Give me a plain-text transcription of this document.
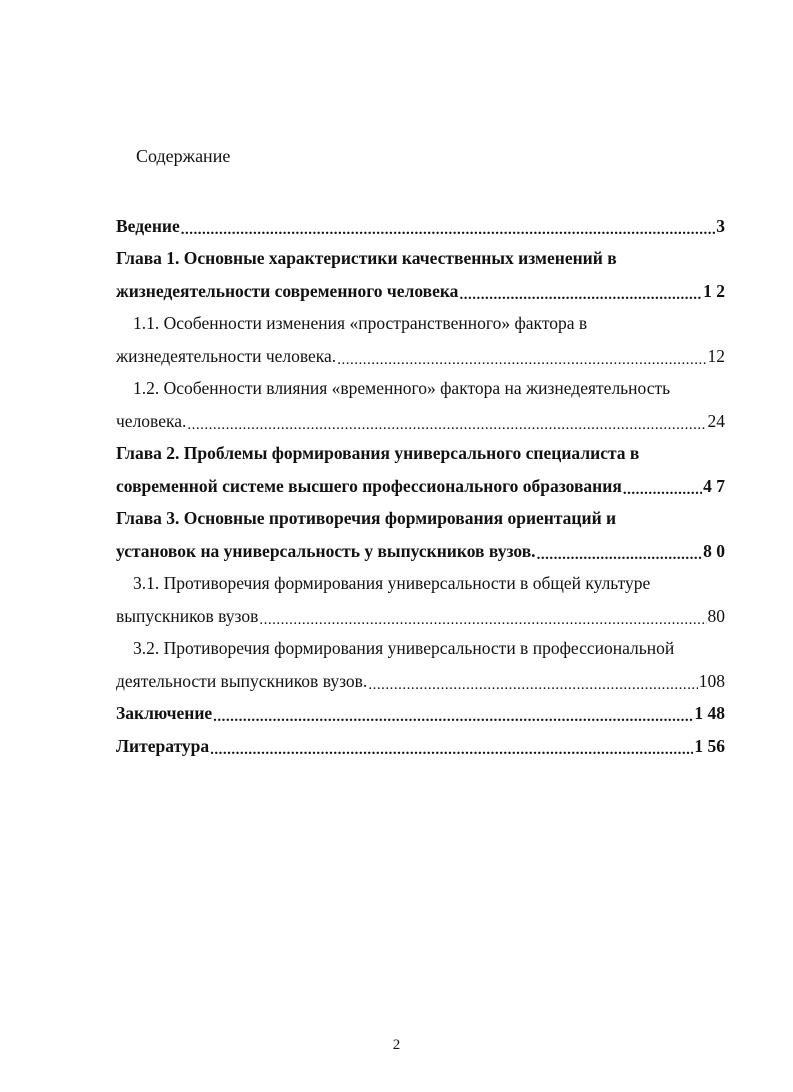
Содержание
Ведение .....	3
Глава 1. Основные характеристики качественных изменений в
жизнедеятельности современного человека .....	1 2
1.1. Особенности изменения «пространственного» фактора в
жизнедеятельности человека. .....	12
1.2. Особенности влияния «временного» фактора на жизнедеятельность
человека. .....	24
Глава 2. Проблемы формирования универсального специалиста в
современной системе высшего профессионального образования .....	4 7
Глава 3. Основные противоречия формирования ориентаций и
установок на универсальность у выпускников вузов. .....	8 0
3.1. Противоречия формирования универсальности в общей культуре
выпускников вузов .....	80
3.2. Противоречия формирования универсальности в профессиональной
деятельности выпускников вузов. .....	108
Заключение .....	1 48
Литература .....	1 56
2
